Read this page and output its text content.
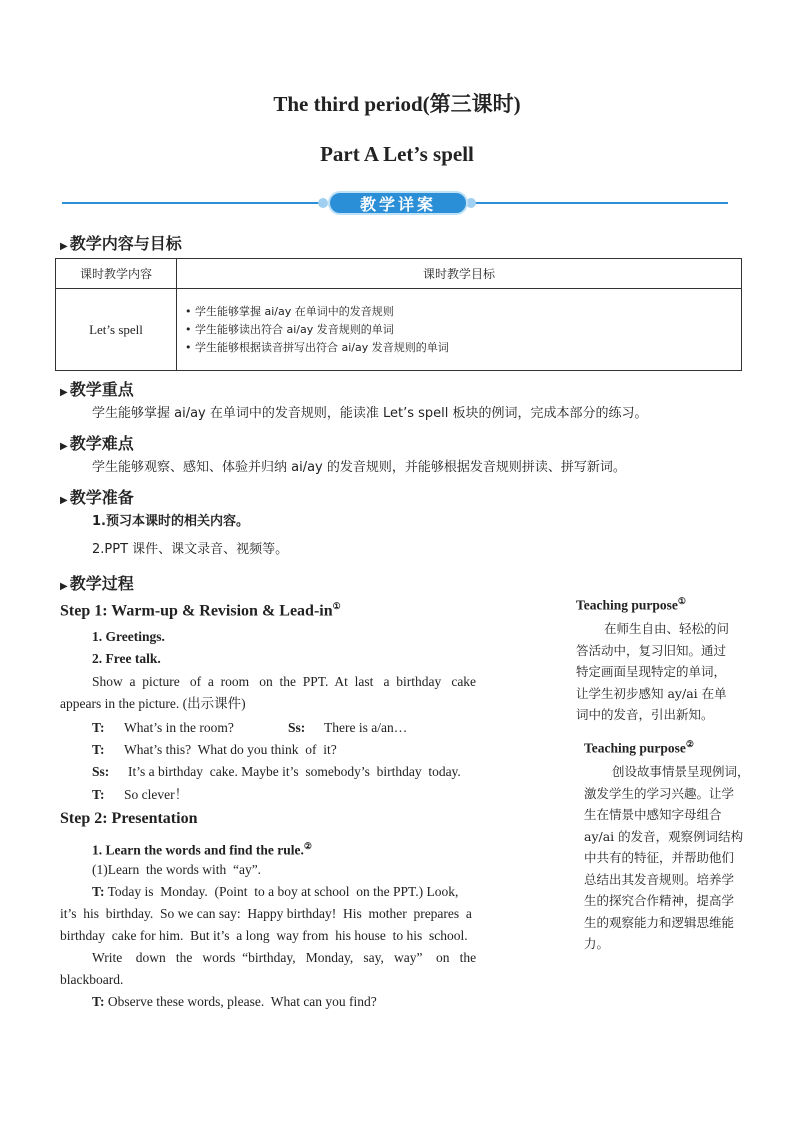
The third period(第三课时)
Part A Let’s spell
教学详案
▶ 教学内容与目标
课时教学内容	课时教学目标
Let’s spell	• 学生能够掌握 ai/ay 在单词中的发音规则
• 学生能够读出符合 ai/ay 发音规则的单词
• 学生能够根据读音拼写出符合 ai/ay 发音规则的单词
▶ 教学重点
学生能够掌握 ai/ay 在单词中的发音规则，能读准 Let’s spell 板块的例词，完成本部分的练习。
▶ 教学难点
学生能够观察、感知、体验并归纳 ai/ay 的发音规则，并能够根据发音规则拼读、拼写新词。
▶ 教学准备
1.预习本课时的相关内容。
2.PPT 课件、课文录音、视频等。
▶ 教学过程
Step 1: Warm-up & Revision & Lead-in①
1. Greetings.
2. Free talk.
Show  a  picture   of  a  room   on  the  PPT.  At  last   a  birthday   cake
appears in the picture. (出示课件)
T: What’s in the room?	Ss: There is a/an…
T: What’s this?  What do you think  of  it?
Ss: It’s a birthday  cake. Maybe it’s  somebody’s  birthday  today.
T: So clever！
Step 2: Presentation
1. Learn the words and find the rule.②
(1)Learn  the words with  “ay”.
T: Today is  Monday.  (Point  to a boy at school  on the PPT.) Look,
it’s  his  birthday.  So we can say:  Happy birthday!  His  mother  prepares  a
birthday  cake for him.  But it’s  a long  way from  his house  to his  school.
Write    down   the   words  “birthday,   Monday,   say,   way”    on   the
blackboard.
T: Observe these words, please.  What can you find?
Teaching purpose①
在师生自由、轻松的问
答活动中，复习旧知。通过
特定画面呈现特定的单词，
让学生初步感知 ay/ai 在单
词中的发音，引出新知。
Teaching purpose②
创设故事情景呈现例词，
激发学生的学习兴趣。让学
生在情景中感知字母组合
ay/ai 的发音，观察例词结构
中共有的特征，并帮助他们
总结出其发音规则。培养学
生的探究合作精神，提高学
生的观察能力和逻辑思维能
力。
